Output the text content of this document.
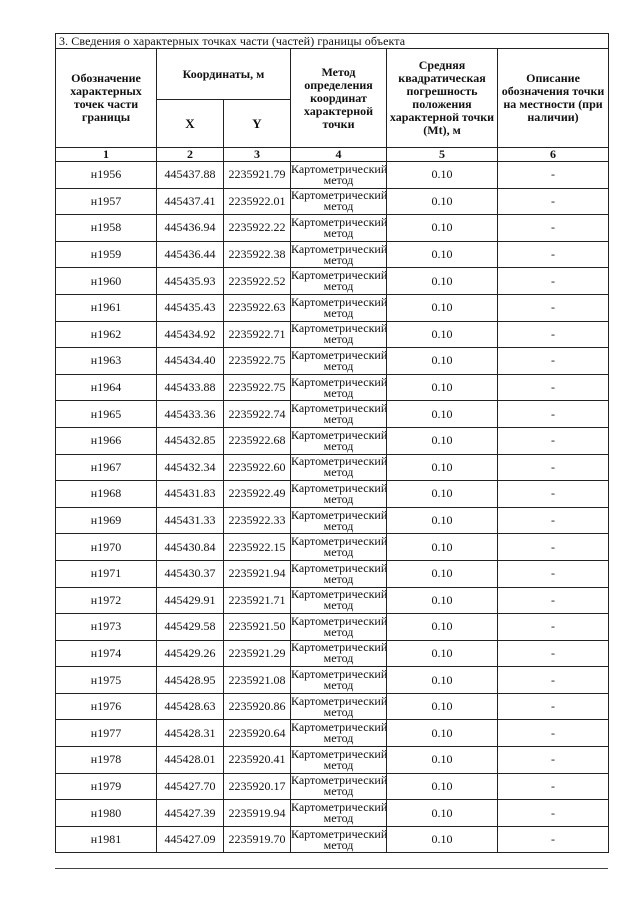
3. Сведения о характерных точках части (частей) границы объекта					
Обозначение характерных точек части границы	Координаты, м		Метод определения координат характерной точки	Средняя квадратическая погрешность положения характерной точки (Mt), м	Описание обозначения точки на местности (при наличии)
	X	Y			
1	2	3	4	5	6
н1956	445437.88	2235921.79	Картометрический
метод	0.10	-
н1957	445437.41	2235922.01	Картометрический
метод	0.10	-
н1958	445436.94	2235922.22	Картометрический
метод	0.10	-
н1959	445436.44	2235922.38	Картометрический
метод	0.10	-
н1960	445435.93	2235922.52	Картометрический
метод	0.10	-
н1961	445435.43	2235922.63	Картометрический
метод	0.10	-
н1962	445434.92	2235922.71	Картометрический
метод	0.10	-
н1963	445434.40	2235922.75	Картометрический
метод	0.10	-
н1964	445433.88	2235922.75	Картометрический
метод	0.10	-
н1965	445433.36	2235922.74	Картометрический
метод	0.10	-
н1966	445432.85	2235922.68	Картометрический
метод	0.10	-
н1967	445432.34	2235922.60	Картометрический
метод	0.10	-
н1968	445431.83	2235922.49	Картометрический
метод	0.10	-
н1969	445431.33	2235922.33	Картометрический
метод	0.10	-
н1970	445430.84	2235922.15	Картометрический
метод	0.10	-
н1971	445430.37	2235921.94	Картометрический
метод	0.10	-
н1972	445429.91	2235921.71	Картометрический
метод	0.10	-
н1973	445429.58	2235921.50	Картометрический
метод	0.10	-
н1974	445429.26	2235921.29	Картометрический
метод	0.10	-
н1975	445428.95	2235921.08	Картометрический
метод	0.10	-
н1976	445428.63	2235920.86	Картометрический
метод	0.10	-
н1977	445428.31	2235920.64	Картометрический
метод	0.10	-
н1978	445428.01	2235920.41	Картометрический
метод	0.10	-
н1979	445427.70	2235920.17	Картометрический
метод	0.10	-
н1980	445427.39	2235919.94	Картометрический
метод	0.10	-
н1981	445427.09	2235919.70	Картометрический
метод	0.10	-
